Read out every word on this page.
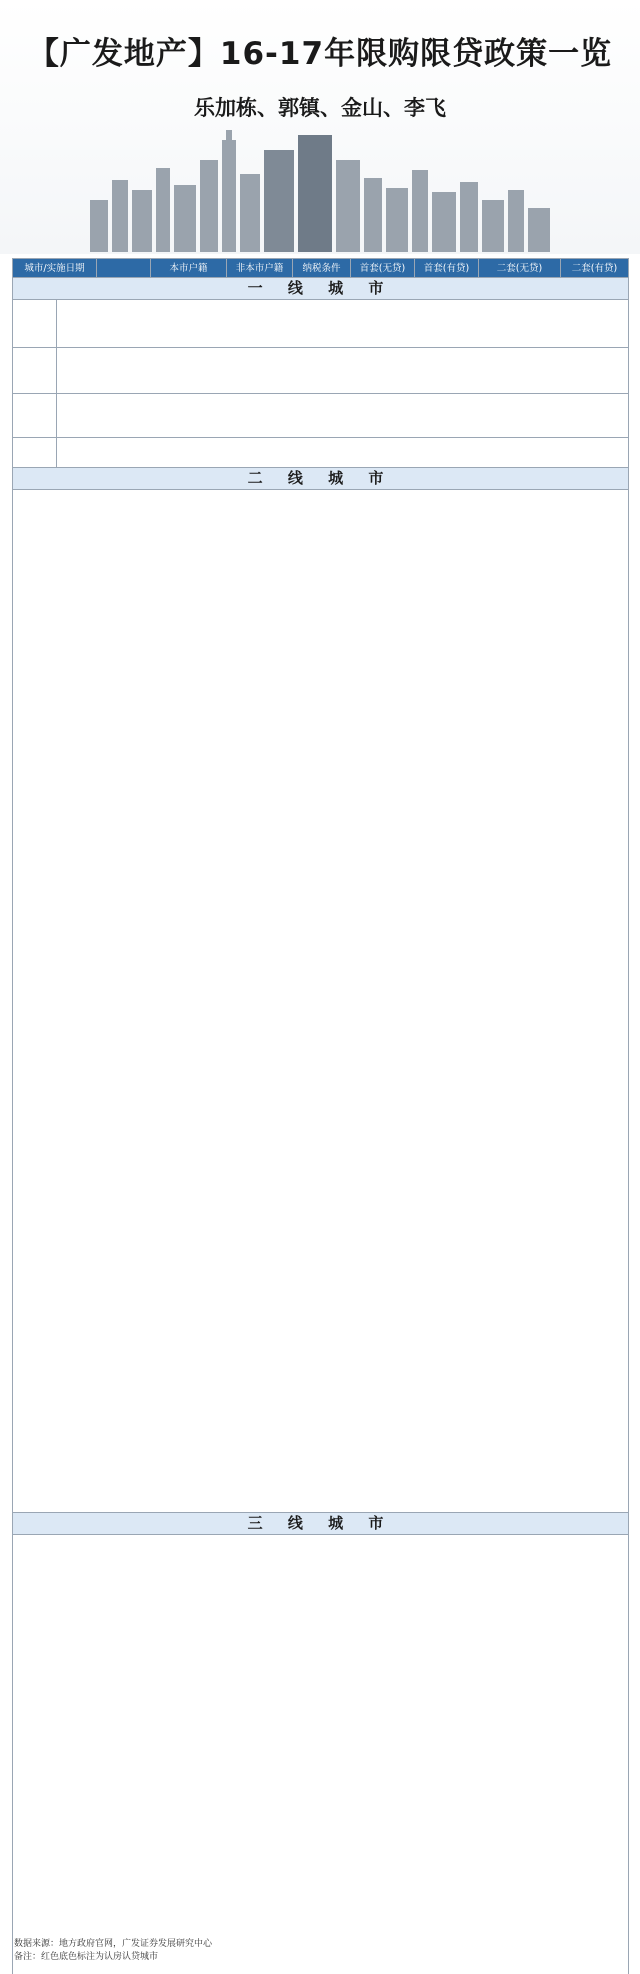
【广发地产】16-17年限购限贷政策一览
乐加栋、郭镇、金山、李飞
城市/实施日期			本市户籍	非本市户籍	纳税条件	首套(无贷)	首套(有贷)	二套(无贷)	二套(有贷)
一 线 城 市									

二 线 城 市									

三 线 城 市									

数据来源：地方政府官网，广发证券发展研究中心
备注：红色底色标注为认房认贷城市
